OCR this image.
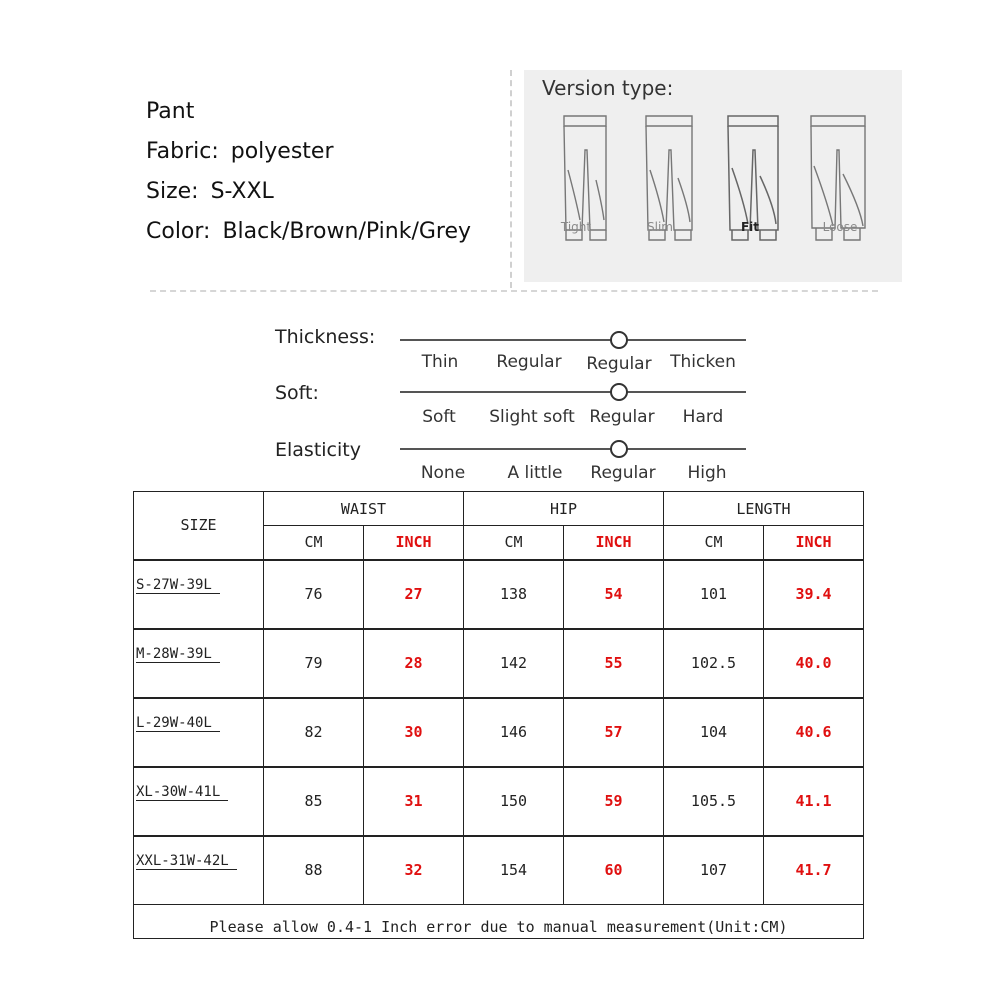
Pant
Fabric: polyester
Size: S-XXL
Color: Black/Brown/Pink/Grey
Version type:
Tight	Slim	Fit	Loose
Thickness:
Thin	Regular	Regular	Thicken
Soft:
Soft	Slight soft Regular	Hard
Elasticity
None	A little	Regular	High
SIZE	WAIST		HIP		LENGTH	
	CM	INCH	CM	INCH	CM	INCH

S-27W-39L	76	27	138	54	101	39.4

M-28W-39L	79	28	142	55	102.5	40.0

L-29W-40L	82	30	146	57	104	40.6

XL-30W-41L	85	31	150	59	105.5	41.1

XXL-31W-42L	88	32	154	60	107	41.7
Please allow 0.4-1 Inch error due to manual measurement(Unit:CM)						
